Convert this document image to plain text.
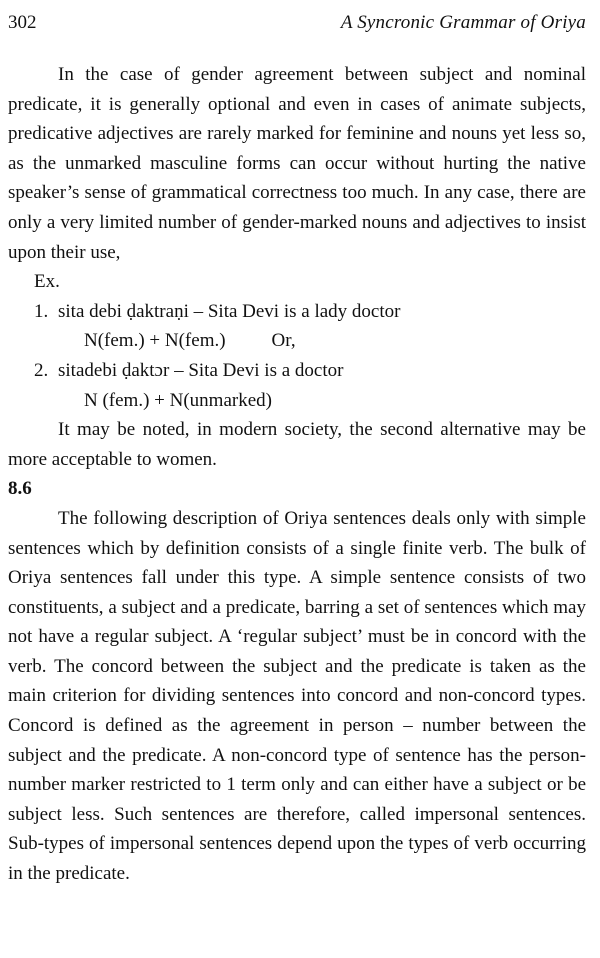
302	A Syncronic Grammar of Oriya

In the case of gender agreement between subject and nominal predicate, it is generally optional and even in cases of animate subjects, predicative adjectives are rarely marked for feminine and nouns yet less so, as the unmarked masculine forms can occur without hurting the native speaker’s sense of grammatical correctness too much. In any case, there are only a very limited number of gender-marked nouns and adjectives to insist upon their use,

Ex.
1. sita debi ḍaktraṇi – Sita Devi is a lady doctor
N(fem.) + N(fem.) Or,
2. sitadebi ḍaktɔr – Sita Devi is a doctor
N (fem.) + N(unmarked)

It may be noted, in modern society, the second alternative may be more acceptable to women.

8.6

The following description of Oriya sentences deals only with simple sentences which by definition consists of a single finite verb. The bulk of Oriya sentences fall under this type. A simple sentence consists of two constituents, a subject and a predicate, barring a set of sentences which may not have a regular subject. A ‘regular subject’ must be in concord with the verb. The concord between the subject and the predicate is taken as the main criterion for dividing sentences into concord and non-concord types. Concord is defined as the agreement in person – number between the subject and the predicate. A non-concord type of sentence has the person-number marker restricted to 1 term only and can either have a subject or be subject less. Such sentences are therefore, called impersonal sentences. Sub-types of impersonal sentences depend upon the types of verb occurring in the predicate.
